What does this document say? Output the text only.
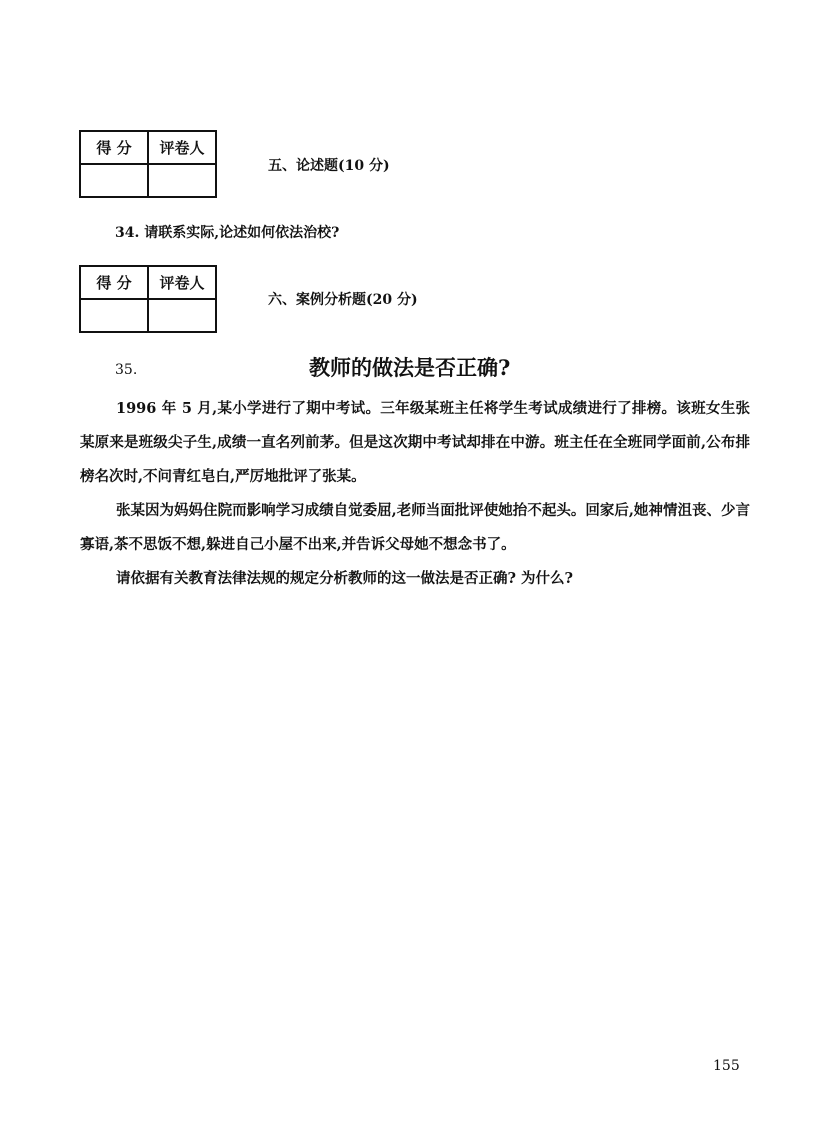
得 分	评卷人

五、论述题(10 分)
34. 请联系实际,论述如何依法治校?
得 分	评卷人

六、案例分析题(20 分)
35.	教师的做法是否正确?

1996 年 5 月,某小学进行了期中考试。三年级某班主任将学生考试成绩进行了排榜。该班女生张某原来是班级尖子生,成绩一直名列前茅。但是这次期中考试却排在中游。班主任在全班同学面前,公布排榜名次时,不问青红皂白,严厉地批评了张某。

张某因为妈妈住院而影响学习成绩自觉委屈,老师当面批评使她抬不起头。回家后,她神情沮丧、少言寡语,茶不思饭不想,躲进自己小屋不出来,并告诉父母她不想念书了。

请依据有关教育法律法规的规定分析教师的这一做法是否正确? 为什么?

155
